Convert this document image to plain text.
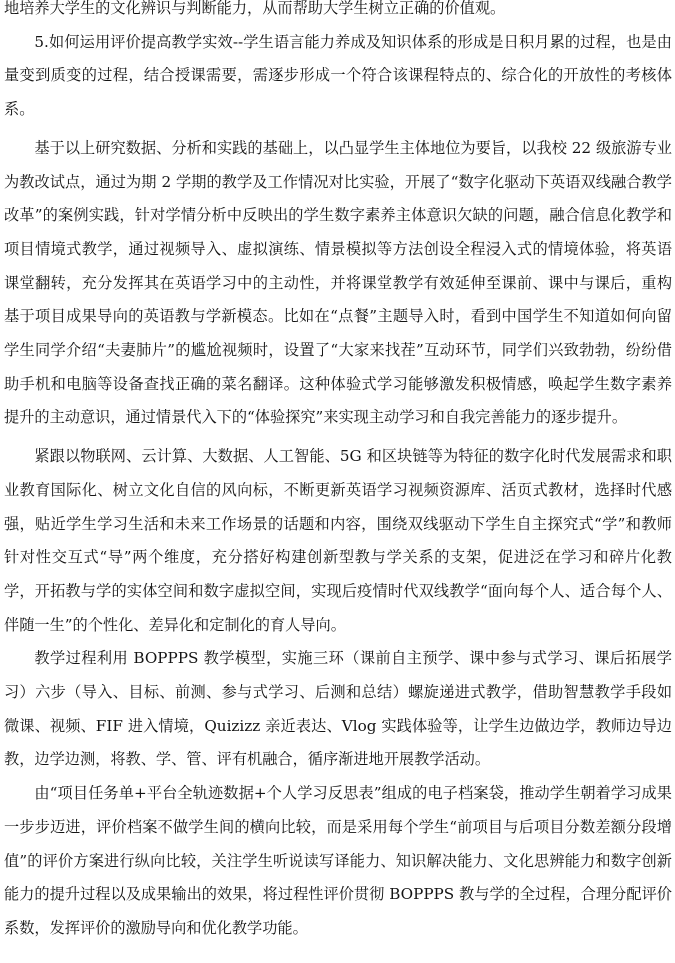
地培养大学生的文化辨识与判断能力，从而帮助大学生树立正确的价值观。

5.如何运用评价提高教学实效--学生语言能力养成及知识体系的形成是日积月累的过程，也是由量变到质变的过程，结合授课需要，需逐步形成一个符合该课程特点的、综合化的开放性的考核体系。

基于以上研究数据、分析和实践的基础上，以凸显学生主体地位为要旨，以我校 22 级旅游专业为教改试点，通过为期 2 学期的教学及工作情况对比实验，开展了“数字化驱动下英语双线融合教学改革”的案例实践，针对学情分析中反映出的学生数字素养主体意识欠缺的问题，融合信息化教学和项目情境式教学，通过视频导入、虚拟演练、情景模拟等方法创设全程浸入式的情境体验，将英语课堂翻转，充分发挥其在英语学习中的主动性，并将课堂教学有效延伸至课前、课中与课后，重构基于项目成果导向的英语教与学新模态。比如在“点餐”主题导入时，看到中国学生不知道如何向留学生同学介绍“夫妻肺片”的尴尬视频时，设置了“大家来找茬”互动环节，同学们兴致勃勃，纷纷借助手机和电脑等设备查找正确的菜名翻译。这种体验式学习能够激发积极情感，唤起学生数字素养提升的主动意识，通过情景代入下的“体验探究”来实现主动学习和自我完善能力的逐步提升。

紧跟以物联网、云计算、大数据、人工智能、5G 和区块链等为特征的数字化时代发展需求和职业教育国际化、树立文化自信的风向标，不断更新英语学习视频资源库、活页式教材，选择时代感强，贴近学生学习生活和未来工作场景的话题和内容，围绕双线驱动下学生自主探究式“学”和教师针对性交互式“导”两个维度，充分搭好构建创新型教与学关系的支架，促进泛在学习和碎片化教学，开拓教与学的实体空间和数字虚拟空间，实现后疫情时代双线教学“面向每个人、适合每个人、伴随一生”的个性化、差异化和定制化的育人导向。

教学过程利用 BOPPPS 教学模型，实施三环（课前自主预学、课中参与式学习、课后拓展学习）六步（导入、目标、前测、参与式学习、后测和总结）螺旋递进式教学，借助智慧教学手段如微课、视频、FIF 进入情境，Quizizz 亲近表达、Vlog 实践体验等，让学生边做边学，教师边导边教，边学边测，将教、学、管、评有机融合，循序渐进地开展教学活动。

由“项目任务单+平台全轨迹数据+个人学习反思表”组成的电子档案袋，推动学生朝着学习成果一步步迈进，评价档案不做学生间的横向比较，而是采用每个学生“前项目与后项目分数差额分段增值”的评价方案进行纵向比较，关注学生听说读写译能力、知识解决能力、文化思辨能力和数字创新能力的提升过程以及成果输出的效果，将过程性评价贯彻 BOPPPS 教与学的全过程，合理分配评价系数，发挥评价的激励导向和优化教学功能。
